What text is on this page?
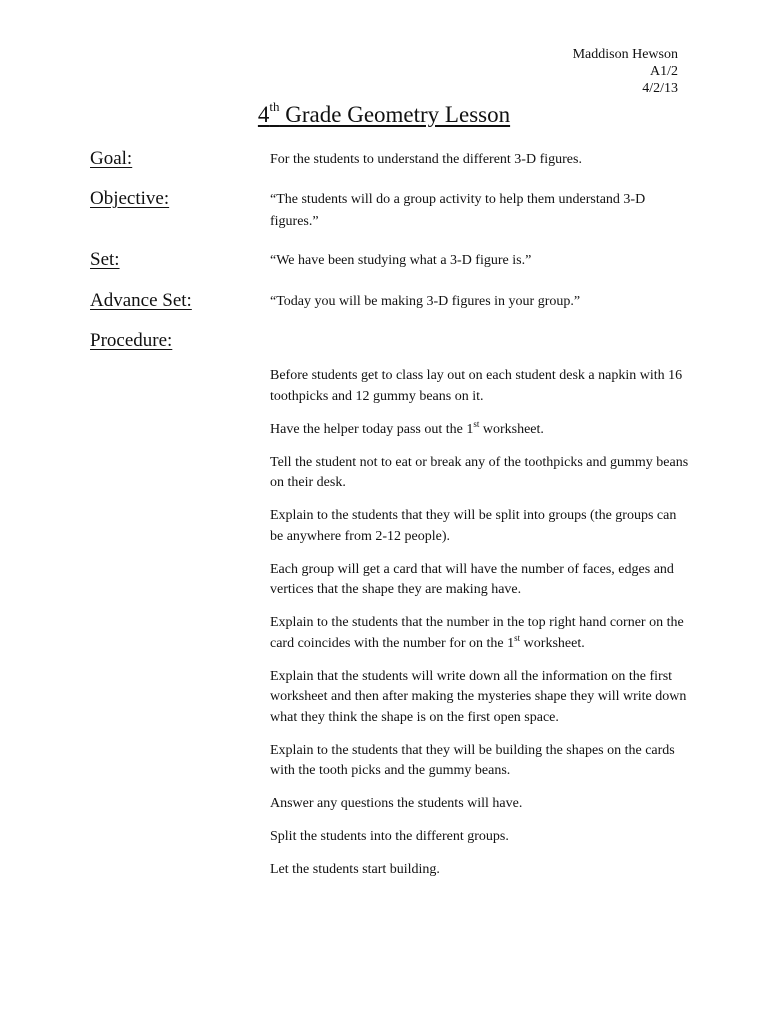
Maddison Hewson
A1/2
4/2/13
4th Grade Geometry Lesson
Goal:	For the students to understand the different 3-D figures.
Objective:	“The students will do a group activity to help them understand 3-D figures.”
Set:	“We have been studying what a 3-D figure is.”
Advance Set:	“Today you will be making 3-D figures in your group.”
Procedure:

Before students get to class lay out on each student desk a napkin with 16 toothpicks and 12 gummy beans on it.

Have the helper today pass out the 1st worksheet.

Tell the student not to eat or break any of the toothpicks and gummy beans on their desk.

Explain to the students that they will be split into groups (the groups can be anywhere from 2-12 people).

Each group will get a card that will have the number of faces, edges and vertices that the shape they are making have.

Explain to the students that the number in the top right hand corner on the card coincides with the number for on the 1st worksheet.

Explain that the students will write down all the information on the first worksheet and then after making the mysteries shape they will write down what they think the shape is on the first open space.

Explain to the students that they will be building the shapes on the cards with the tooth picks and the gummy beans.

Answer any questions the students will have.

Split the students into the different groups.

Let the students start building.
